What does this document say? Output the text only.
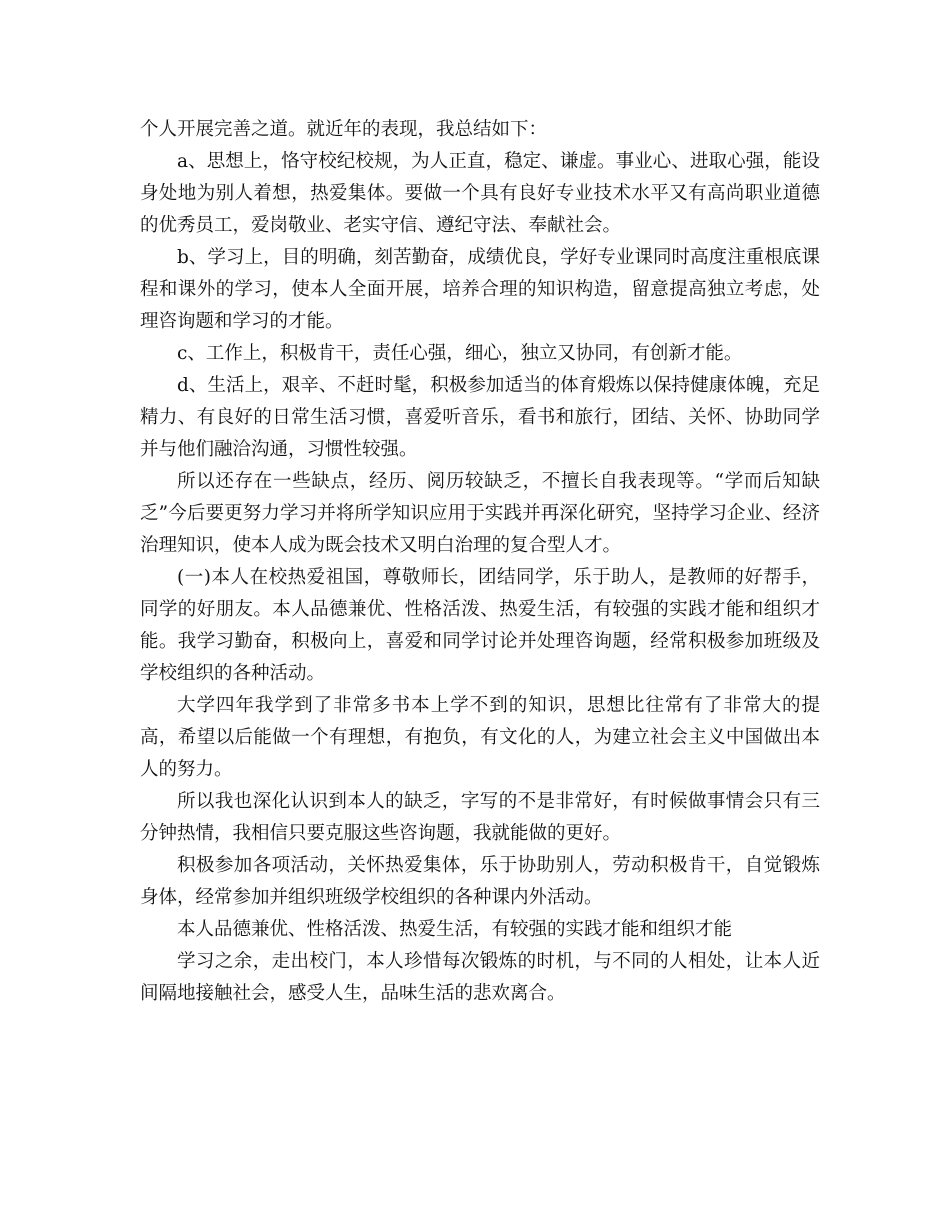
个人开展完善之道。就近年的表现，我总结如下：

a、思想上，恪守校纪校规，为人正直，稳定、谦虚。事业心、进取心强，能设身处地为别人着想，热爱集体。要做一个具有良好专业技术水平又有高尚职业道德的优秀员工，爱岗敬业、老实守信、遵纪守法、奉献社会。

b、学习上，目的明确，刻苦勤奋，成绩优良，学好专业课同时高度注重根底课程和课外的学习，使本人全面开展，培养合理的知识构造，留意提高独立考虑，处理咨询题和学习的才能。

c、工作上，积极肯干，责任心强，细心，独立又协同，有创新才能。

d、生活上，艰辛、不赶时髦，积极参加适当的体育煅炼以保持健康体魄，充足精力、有良好的日常生活习惯，喜爱听音乐，看书和旅行，团结、关怀、协助同学并与他们融洽沟通，习惯性较强。

所以还存在一些缺点，经历、阅历较缺乏，不擅长自我表现等。“学而后知缺乏”今后要更努力学习并将所学知识应用于实践并再深化研究，坚持学习企业、经济治理知识，使本人成为既会技术又明白治理的复合型人才。

(一)本人在校热爱祖国，尊敬师长，团结同学，乐于助人，是教师的好帮手，同学的好朋友。本人品德兼优、性格活泼、热爱生活，有较强的实践才能和组织才能。我学习勤奋，积极向上，喜爱和同学讨论并处理咨询题，经常积极参加班级及学校组织的各种活动。

大学四年我学到了非常多书本上学不到的知识，思想比往常有了非常大的提高，希望以后能做一个有理想，有抱负，有文化的人，为建立社会主义中国做出本人的努力。

所以我也深化认识到本人的缺乏，字写的不是非常好，有时候做事情会只有三分钟热情，我相信只要克服这些咨询题，我就能做的更好。

积极参加各项活动，关怀热爱集体，乐于协助别人，劳动积极肯干，自觉锻炼身体，经常参加并组织班级学校组织的各种课内外活动。

本人品德兼优、性格活泼、热爱生活，有较强的实践才能和组织才能

学习之余，走出校门，本人珍惜每次锻炼的时机，与不同的人相处，让本人近间隔地接触社会，感受人生，品味生活的悲欢离合。
